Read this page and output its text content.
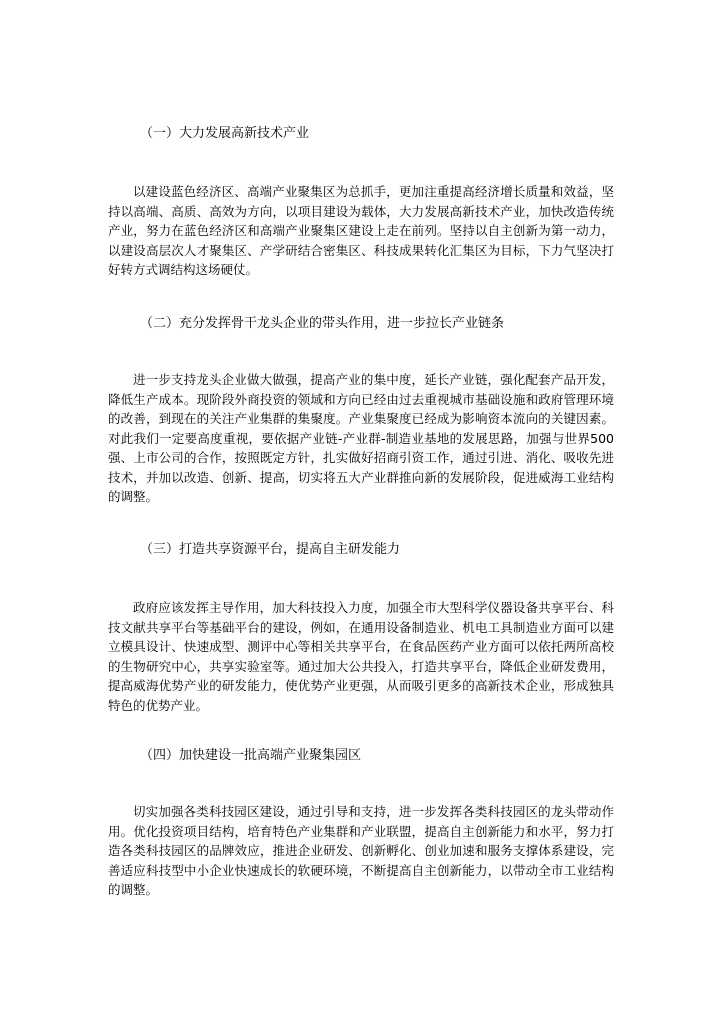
（一）大力发展高新技术产业

以建设蓝色经济区、高端产业聚集区为总抓手，更加注重提高经济增长质量和效益，坚持以高端、高质、高效为方向，以项目建设为载体，大力发展高新技术产业，加快改造传统产业，努力在蓝色经济区和高端产业聚集区建设上走在前列。坚持以自主创新为第一动力，以建设高层次人才聚集区、产学研结合密集区、科技成果转化汇集区为目标，下力气坚决打好转方式调结构这场硬仗。

（二）充分发挥骨干龙头企业的带头作用，进一步拉长产业链条

进一步支持龙头企业做大做强，提高产业的集中度，延长产业链，强化配套产品开发，降低生产成本。现阶段外商投资的领域和方向已经由过去重视城市基础设施和政府管理环境的改善，到现在的关注产业集群的集聚度。产业集聚度已经成为影响资本流向的关键因素。对此我们一定要高度重视，要依据产业链-产业群-制造业基地的发展思路，加强与世界500强、上市公司的合作，按照既定方针，扎实做好招商引资工作，通过引进、消化、吸收先进技术，并加以改造、创新、提高，切实将五大产业群推向新的发展阶段，促进威海工业结构的调整。

（三）打造共享资源平台，提高自主研发能力

政府应该发挥主导作用，加大科技投入力度，加强全市大型科学仪器设备共享平台、科技文献共享平台等基础平台的建设，例如，在通用设备制造业、机电工具制造业方面可以建立模具设计、快速成型、测评中心等相关共享平台，在食品医药产业方面可以依托两所高校的生物研究中心，共享实验室等。通过加大公共投入，打造共享平台，降低企业研发费用，提高威海优势产业的研发能力，使优势产业更强，从而吸引更多的高新技术企业，形成独具特色的优势产业。

（四）加快建设一批高端产业聚集园区

切实加强各类科技园区建设，通过引导和支持，进一步发挥各类科技园区的龙头带动作用。优化投资项目结构，培育特色产业集群和产业联盟，提高自主创新能力和水平，努力打造各类科技园区的品牌效应，推进企业研发、创新孵化、创业加速和服务支撑体系建设，完善适应科技型中小企业快速成长的软硬环境，不断提高自主创新能力，以带动全市工业结构的调整。
